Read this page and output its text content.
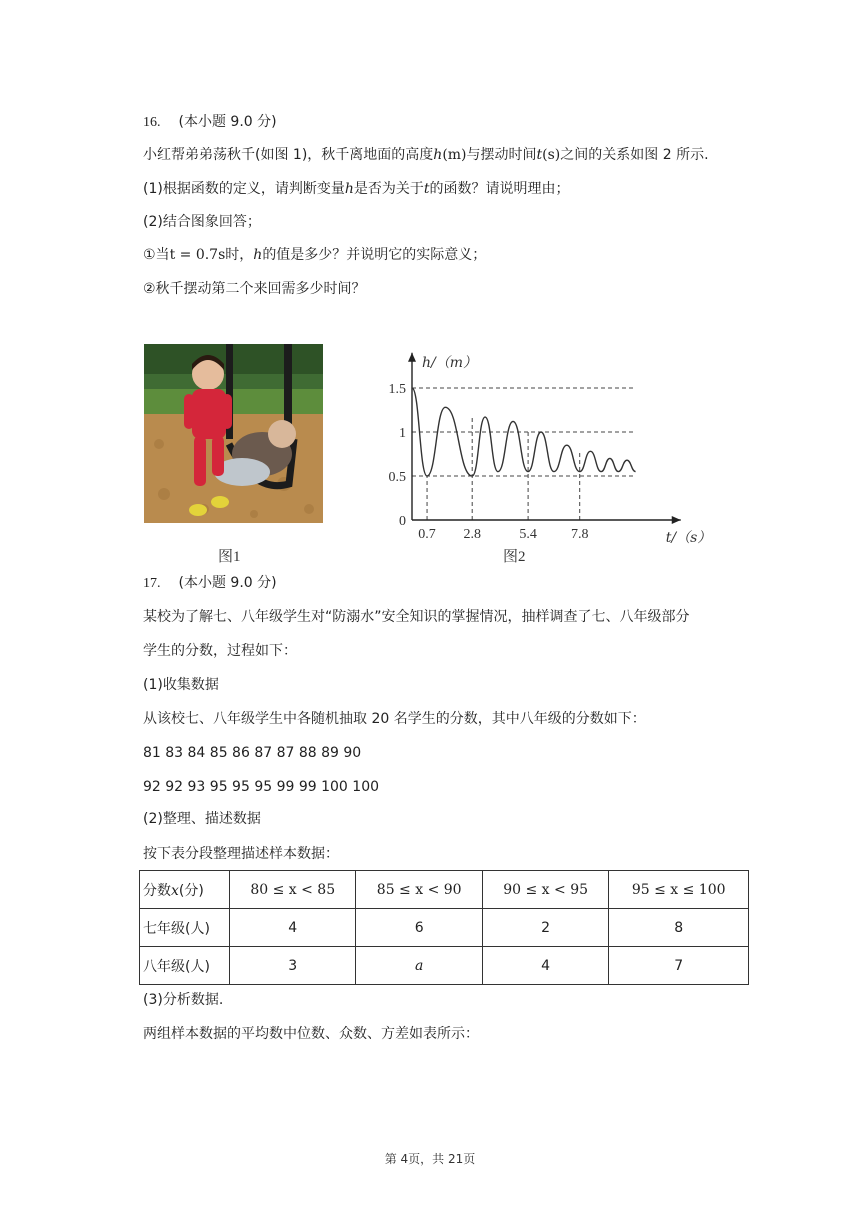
16. (本小题 9.0 分)
小红帮弟弟荡秋千(如图 1)，秋千离地面的高度h(m)与摆动时间t(s)之间的关系如图 2 所示.
(1)根据函数的定义，请判断变量h是否为关于t的函数？请说明理由；
(2)结合图象回答；
①当t = 0.7s时，h的值是多少？并说明它的实际意义；
②秋千摆动第二个来回需多少时间？
图1
0
0.5
1
1.5
0.7 2.8	5.4 7.8
h/（m）
t/（s）
图2
17. (本小题 9.0 分)
某校为了解七、八年级学生对“防溺水”安全知识的掌握情况，抽样调查了七、八年级部分
学生的分数，过程如下：
(1)收集数据
从该校七、八年级学生中各随机抽取 20 名学生的分数，其中八年级的分数如下：
81 83 84 85 86 87 87 88 89 90
92 92 93 95 95 95 99 99 100 100
(2)整理、描述数据
按下表分段整理描述样本数据：
分数x(分)	80 ≤ x < 85	85 ≤ x < 90	90 ≤ x < 95	95 ≤ x ≤ 100
七年级(人)	4	6	2	8
八年级(人)	3	a	4	7
(3)分析数据.
两组样本数据的平均数中位数、众数、方差如表所示：
第 4页，共 21页
